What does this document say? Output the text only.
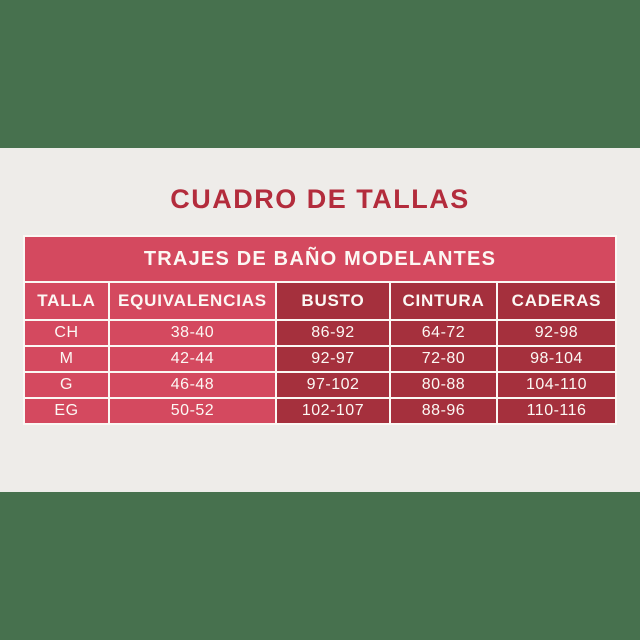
CUADRO DE TALLAS
TRAJES DE BAÑO MODELANTES				
TALLA	EQUIVALENCIAS	BUSTO	CINTURA	CADERAS
CH	38-40	86-92	64-72	92-98
M	42-44	92-97	72-80	98-104
G	46-48	97-102	80-88	104-110
EG	50-52	102-107	88-96	110-116
